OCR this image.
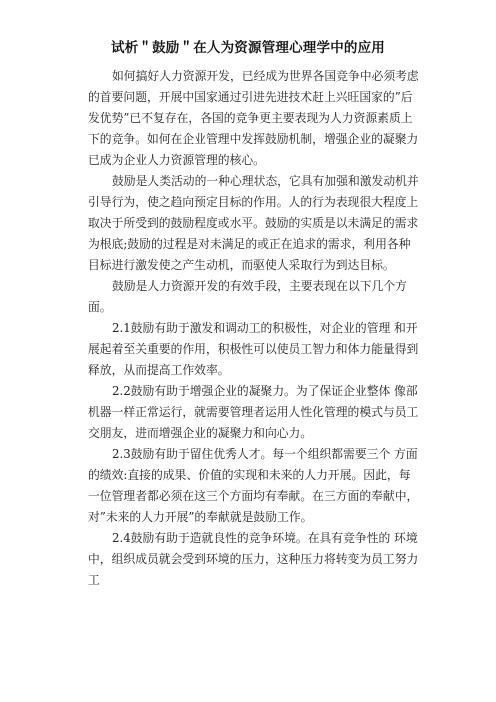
试析＂鼓励＂在人为资源管理心理学中的应用

如何搞好人力资源开发，已经成为世界各国竞争中必须考虑的首要问题，开展中国家通过引进先进技术赶上兴旺国家的”后发优势”已不复存在，各国的竞争更主要表现为人力资源素质上下的竞争。如何在企业管理中发挥鼓励机制，增强企业的凝聚力已成为企业人力资源管理的核心。

鼓励是人类活动的一种心理状态，它具有加强和激发动机并引导行为，使之趋向预定目标的作用。人的行为表现很大程度上取决于所受到的鼓励程度或水平。鼓励的实质是以未满足的需求为根底;鼓励的过程是对未满足的或正在追求的需求，利用各种目标进行激发使之产生动机，而驱使人采取行为到达目标。

鼓励是人力资源开发的有效手段，主要表现在以下几个方面。

2.1鼓励有助于激发和调动工的积极性，对企业的管理 和开展起着至关重要的作用，积极性可以使员工智力和体力能量得到释放，从而提高工作效率。

2.2鼓励有助于增强企业的凝聚力。为了保证企业整体 像部机器一样正常运行，就需要管理者运用人性化管理的模式与员工交朋友，进而增强企业的凝聚力和向心力。

2.3鼓励有助于留住优秀人才。每一个组织都需要三个 方面的绩效:直接的成果、价值的实现和未来的人力开展。因此，每一位管理者都必须在这三个方面均有奉献。在三方面的奉献中，对”未来的人力开展”的奉献就是鼓励工作。

2.4鼓励有助于造就良性的竞争环境。在具有竞争性的 环境中，组织成员就会受到环境的压力，这种压力将转变为员工努力工
